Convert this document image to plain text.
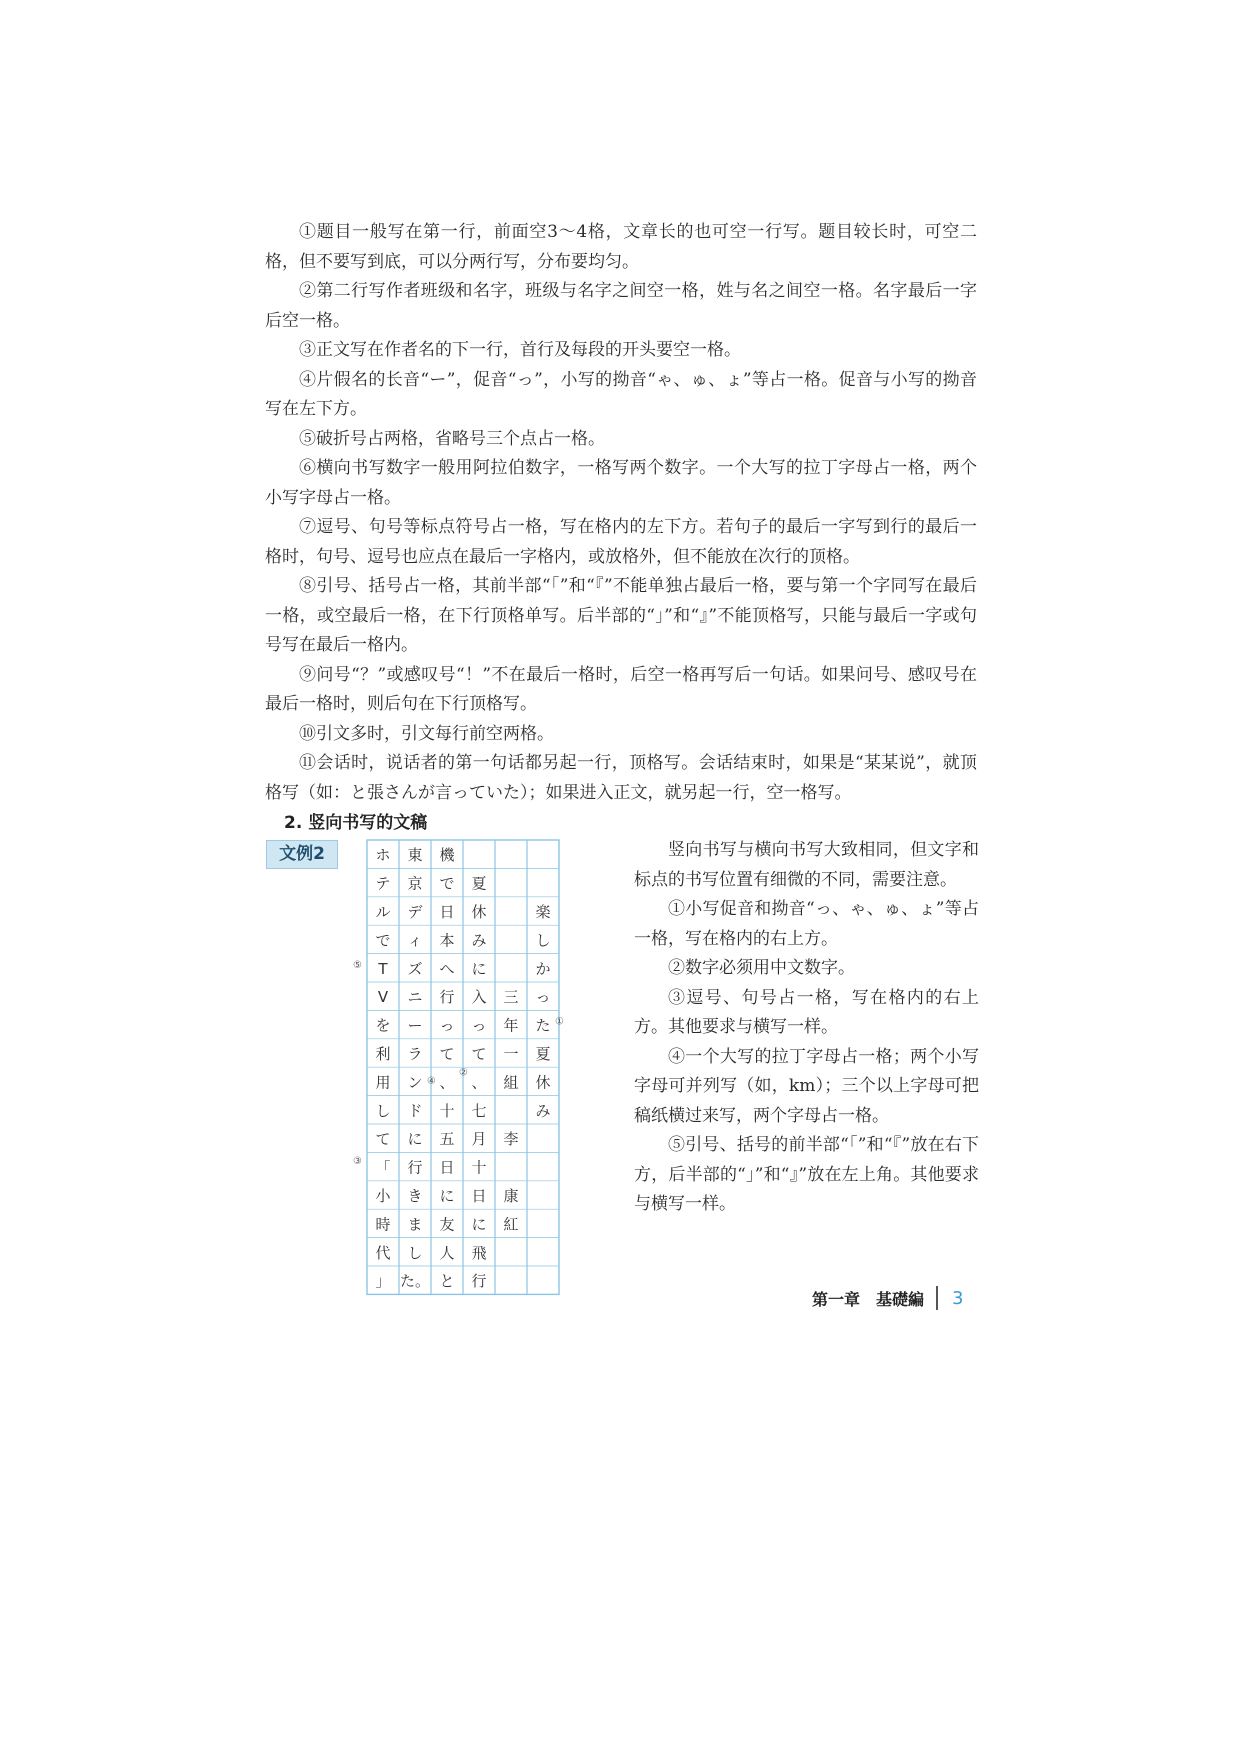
①题目一般写在第一行，前面空3～4格，文章长的也可空一行写。题目较长时，可空二格，但不要写到底，可以分两行写，分布要均匀。

②第二行写作者班级和名字，班级与名字之间空一格，姓与名之间空一格。名字最后一字后空一格。

③正文写在作者名的下一行，首行及每段的开头要空一格。

④片假名的长音“ー”，促音“っ”，小写的拗音“ゃ、ゅ、ょ”等占一格。促音与小写的拗音写在左下方。

⑤破折号占两格，省略号三个点占一格。

⑥横向书写数字一般用阿拉伯数字，一格写两个数字。一个大写的拉丁字母占一格，两个小写字母占一格。

⑦逗号、句号等标点符号占一格，写在格内的左下方。若句子的最后一字写到行的最后一格时，句号、逗号也应点在最后一字格内，或放格外，但不能放在次行的顶格。

⑧引号、括号占一格，其前半部“「”和“『”不能单独占最后一格，要与第一个字同写在最后一格，或空最后一格，在下行顶格单写。后半部的“」”和“』”不能顶格写，只能与最后一字或句号写在最后一格内。

⑨问号“？”或感叹号“！”不在最后一格时，后空一格再写后一句话。如果问号、感叹号在最后一格时，则后句在下行顶格写。

⑩引文多时，引文每行前空两格。

⑪会话时，说话者的第一句话都另起一行，顶格写。会话结束时，如果是“某某说”，就顶格写（如：と張さんが言っていた）；如果进入正文，就另起一行，空一格写。

2. 竖向书写的文稿
文例2
楽
し
か
っ
た
夏
休
み
三
年
一
組
李
康
紅
夏
休
み
に
入
っ
て
、
七
月
十
日
に
飛
行
機
で
日
本
へ
行
っ
て
、
十
五
日
に
友
人
と
東
京
デ
ィ
ズ
ニ
ー
ラ
ン
ド
に
行
き
ま
し
た。
ホ
テ
ル
で
T
V
を
利
用
し
て
「
小
時
代
」
①
②
③
④
⑤

竖向书写与横向书写大致相同，但文字和标点的书写位置有细微的不同，需要注意。

①小写促音和拗音“っ、ゃ、ゅ、ょ”等占一格，写在格内的右上方。

②数字必须用中文数字。

③逗号、句号占一格，写在格内的右上方。其他要求与横写一样。

④一个大写的拉丁字母占一格；两个小写字母可并列写（如，km）；三个以上字母可把稿纸横过来写，两个字母占一格。

⑤引号、括号的前半部“「”和“『”放在右下方，后半部的“」”和“』”放在左上角。其他要求与横写一样。

第一章　基礎編 3
